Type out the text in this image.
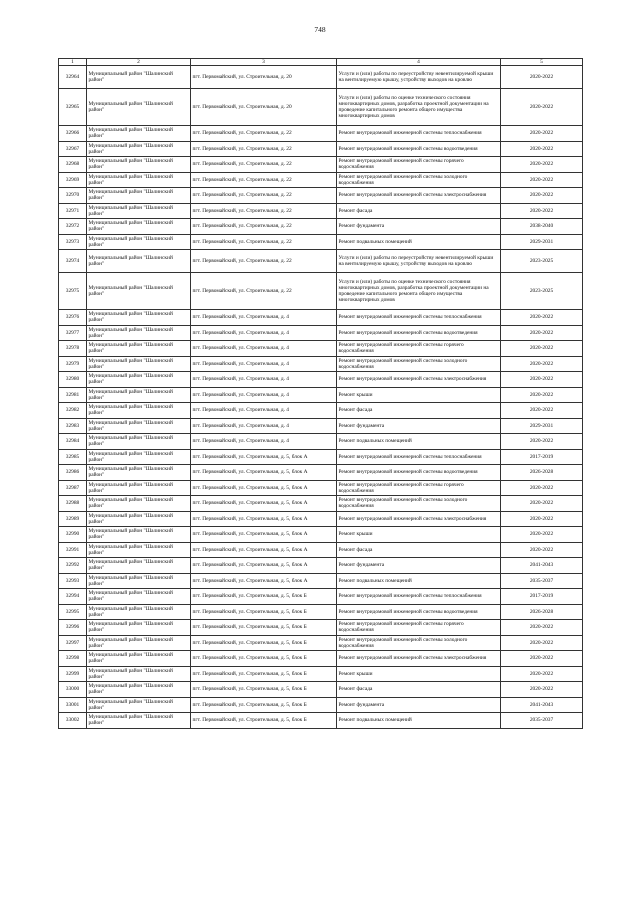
748
1	2	3	4	5
32964	Муниципальный район "Шалинский район"	пгт. Первомайский, ул. Строительная, д. 20	Услуги и (или) работы по переустройству невентилируемой крыши на вентилируемую крышу, устройству выходов на кровлю	2020-2022
32965	Муниципальный район "Шалинский район"	пгт. Первомайский, ул. Строительная, д. 20	Услуги и (или) работы по оценке технического состояния многоквартирных домов, разработка проектной документации на проведение капитального ремонта общего имущества многоквартирных домов	2020-2022
32966	Муниципальный район "Шалинский район"	пгт. Первомайский, ул. Строительная, д. 22	Ремонт внутридомовой инженерной системы теплоснабжения	2020-2022
32967	Муниципальный район "Шалинский район"	пгт. Первомайский, ул. Строительная, д. 22	Ремонт внутридомовой инженерной системы водоотведения	2020-2022
32968	Муниципальный район "Шалинский район"	пгт. Первомайский, ул. Строительная, д. 22	Ремонт внутридомовой инженерной системы горячего водоснабжения	2020-2022
32969	Муниципальный район "Шалинский район"	пгт. Первомайский, ул. Строительная, д. 22	Ремонт внутридомовой инженерной системы холодного водоснабжения	2020-2022
32970	Муниципальный район "Шалинский район"	пгт. Первомайский, ул. Строительная, д. 22	Ремонт внутридомовой инженерной системы электроснабжения	2020-2022
32971	Муниципальный район "Шалинский район"	пгт. Первомайский, ул. Строительная, д. 22	Ремонт фасада	2020-2022
32972	Муниципальный район "Шалинский район"	пгт. Первомайский, ул. Строительная, д. 22	Ремонт фундамента	2038-2040
32973	Муниципальный район "Шалинский район"	пгт. Первомайский, ул. Строительная, д. 22	Ремонт подвальных помещений	2029-2031
32974	Муниципальный район "Шалинский район"	пгт. Первомайский, ул. Строительная, д. 22	Услуги и (или) работы по переустройству невентилируемой крыши на вентилируемую крышу, устройству выходов на кровлю	2023-2025
32975	Муниципальный район "Шалинский район"	пгт. Первомайский, ул. Строительная, д. 22	Услуги и (или) работы по оценке технического состояния многоквартирных домов, разработка проектной документации на проведение капитального ремонта общего имущества многоквартирных домов	2023-2025
32976	Муниципальный район "Шалинский район"	пгт. Первомайский, ул. Строительная, д. 4	Ремонт внутридомовой инженерной системы теплоснабжения	2020-2022
32977	Муниципальный район "Шалинский район"	пгт. Первомайский, ул. Строительная, д. 4	Ремонт внутридомовой инженерной системы водоотведения	2020-2022
32978	Муниципальный район "Шалинский район"	пгт. Первомайский, ул. Строительная, д. 4	Ремонт внутридомовой инженерной системы горячего водоснабжения	2020-2022
32979	Муниципальный район "Шалинский район"	пгт. Первомайский, ул. Строительная, д. 4	Ремонт внутридомовой инженерной системы холодного водоснабжения	2020-2022
32980	Муниципальный район "Шалинский район"	пгт. Первомайский, ул. Строительная, д. 4	Ремонт внутридомовой инженерной системы электроснабжения	2020-2022
32981	Муниципальный район "Шалинский район"	пгт. Первомайский, ул. Строительная, д. 4	Ремонт крыши	2020-2022
32982	Муниципальный район "Шалинский район"	пгт. Первомайский, ул. Строительная, д. 4	Ремонт фасада	2020-2022
32983	Муниципальный район "Шалинский район"	пгт. Первомайский, ул. Строительная, д. 4	Ремонт фундамента	2029-2031
32984	Муниципальный район "Шалинский район"	пгт. Первомайский, ул. Строительная, д. 4	Ремонт подвальных помещений	2020-2022
32985	Муниципальный район "Шалинский район"	пгт. Первомайский, ул. Строительная, д. 5, блок А	Ремонт внутридомовой инженерной системы теплоснабжения	2017-2019
32986	Муниципальный район "Шалинский район"	пгт. Первомайский, ул. Строительная, д. 5, блок А	Ремонт внутридомовой инженерной системы водоотведения	2026-2028
32987	Муниципальный район "Шалинский район"	пгт. Первомайский, ул. Строительная, д. 5, блок А	Ремонт внутридомовой инженерной системы горячего водоснабжения	2020-2022
32988	Муниципальный район "Шалинский район"	пгт. Первомайский, ул. Строительная, д. 5, блок А	Ремонт внутридомовой инженерной системы холодного водоснабжения	2020-2022
32989	Муниципальный район "Шалинский район"	пгт. Первомайский, ул. Строительная, д. 5, блок А	Ремонт внутридомовой инженерной системы электроснабжения	2020-2022
32990	Муниципальный район "Шалинский район"	пгт. Первомайский, ул. Строительная, д. 5, блок А	Ремонт крыши	2020-2022
32991	Муниципальный район "Шалинский район"	пгт. Первомайский, ул. Строительная, д. 5, блок А	Ремонт фасада	2020-2022
32992	Муниципальный район "Шалинский район"	пгт. Первомайский, ул. Строительная, д. 5, блок А	Ремонт фундамента	2041-2043
32993	Муниципальный район "Шалинский район"	пгт. Первомайский, ул. Строительная, д. 5, блок А	Ремонт подвальных помещений	2035-2037
32994	Муниципальный район "Шалинский район"	пгт. Первомайский, ул. Строительная, д. 5, блок Б	Ремонт внутридомовой инженерной системы теплоснабжения	2017-2019
32995	Муниципальный район "Шалинский район"	пгт. Первомайский, ул. Строительная, д. 5, блок Б	Ремонт внутридомовой инженерной системы водоотведения	2026-2028
32996	Муниципальный район "Шалинский район"	пгт. Первомайский, ул. Строительная, д. 5, блок Б	Ремонт внутридомовой инженерной системы горячего водоснабжения	2020-2022
32997	Муниципальный район "Шалинский район"	пгт. Первомайский, ул. Строительная, д. 5, блок Б	Ремонт внутридомовой инженерной системы холодного водоснабжения	2020-2022
32998	Муниципальный район "Шалинский район"	пгт. Первомайский, ул. Строительная, д. 5, блок Б	Ремонт внутридомовой инженерной системы электроснабжения	2020-2022
32999	Муниципальный район "Шалинский район"	пгт. Первомайский, ул. Строительная, д. 5, блок Б	Ремонт крыши	2020-2022
33000	Муниципальный район "Шалинский район"	пгт. Первомайский, ул. Строительная, д. 5, блок Б	Ремонт фасада	2020-2022
33001	Муниципальный район "Шалинский район"	пгт. Первомайский, ул. Строительная, д. 5, блок Б	Ремонт фундамента	2041-2043
33002	Муниципальный район "Шалинский район"	пгт. Первомайский, ул. Строительная, д. 5, блок Б	Ремонт подвальных помещений	2035-2037
